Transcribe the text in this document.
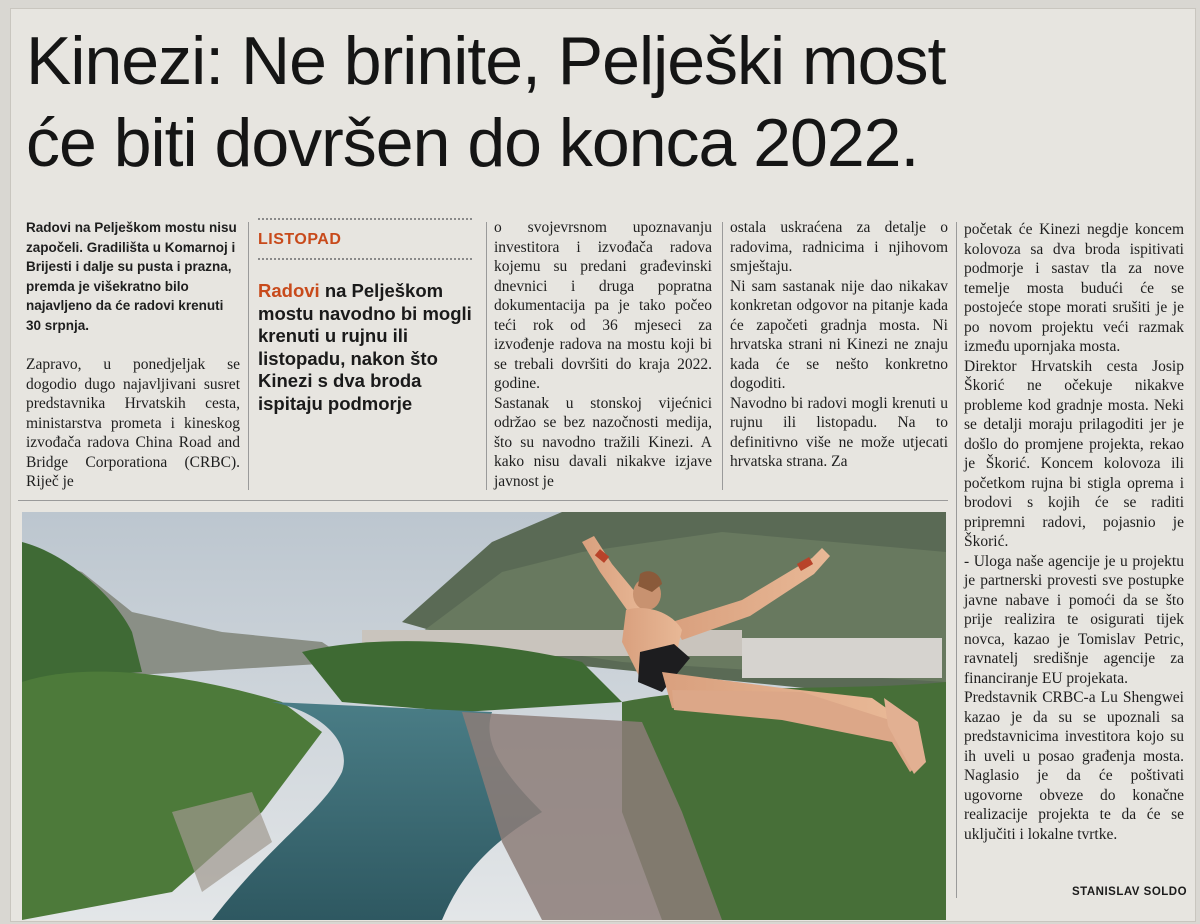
Kinezi: Ne brinite, Pelješki most
će biti dovršen do konca 2022.

Radovi na Pelješkom mostu nisu započeli. Gradilišta u Komarnoj i Brijesti i dalje su pusta i prazna, premda je višekratno bilo najavljeno da će radovi krenuti 30 srpnja.

Zapravo, u ponedjeljak se dogodio dugo najavljivani susret predstavnika Hrvatskih cesta, ministarstva prometa i kineskog izvođača radova China Road and Bridge Corporationa (CRBC). Riječ je

LISTOPAD
Radovi na Pelješkom mostu navodno bi mogli krenuti u rujnu ili listopadu, nakon što Kinezi s dva broda ispitaju podmorje

o svojevrsnom upoznavanju investitora i izvođača radova kojemu su predani građevinski dnevnici i druga popratna dokumentacija pa je tako počeo teći rok od 36 mjeseci za izvođenje radova na mostu koji bi se trebali dovršiti do kraja 2022. godine.

Sastanak u stonskoj vijećnici održao se bez nazočnosti medija, što su navodno tražili Kinezi. A kako nisu davali nikakve izjave javnost je

ostala uskraćena za detalje o radovima, radnicima i njihovom smještaju.

Ni sam sastanak nije dao nikakav konkretan odgovor na pitanje kada će započeti gradnja mosta. Ni hrvatska strani ni Kinezi ne znaju kada će se nešto konkretno dogoditi.

Navodno bi radovi mogli krenuti u rujnu ili listopadu. Na to definitivno više ne može utjecati hrvatska strana. Za

početak će Kinezi negdje koncem kolovoza sa dva broda ispitivati podmorje i sastav tla za nove temelje mosta budući će se postojeće stope morati srušiti je je po novom projektu veći razmak između upornjaka mosta.

Direktor Hrvatskih cesta Josip Škorić ne očekuje nikakve probleme kod gradnje mosta. Neki se detalji moraju prilagoditi jer je došlo do promjene projekta, rekao je Škorić. Koncem kolovoza ili početkom rujna bi stigla oprema i brodovi s kojih će se raditi pripremni radovi, pojasnio je Škorić.

- Uloga naše agencije je u projektu je partnerski provesti sve postupke javne nabave i pomoći da se što prije realizira te osigurati tijek novca, kazao je Tomislav Petric, ravnatelj središnje agencije za financiranje EU projekata.

Predstavnik CRBC-a Lu Shengwei kazao je da su se upoznali sa predstavnicima investitora kojo su ih uveli u posao građenja mosta. Naglasio je da će poštivati ugovorne obveze do konačne realizacije projekta te da će se uključiti i lokalne tvrtke.

STANISLAV SOLDO
